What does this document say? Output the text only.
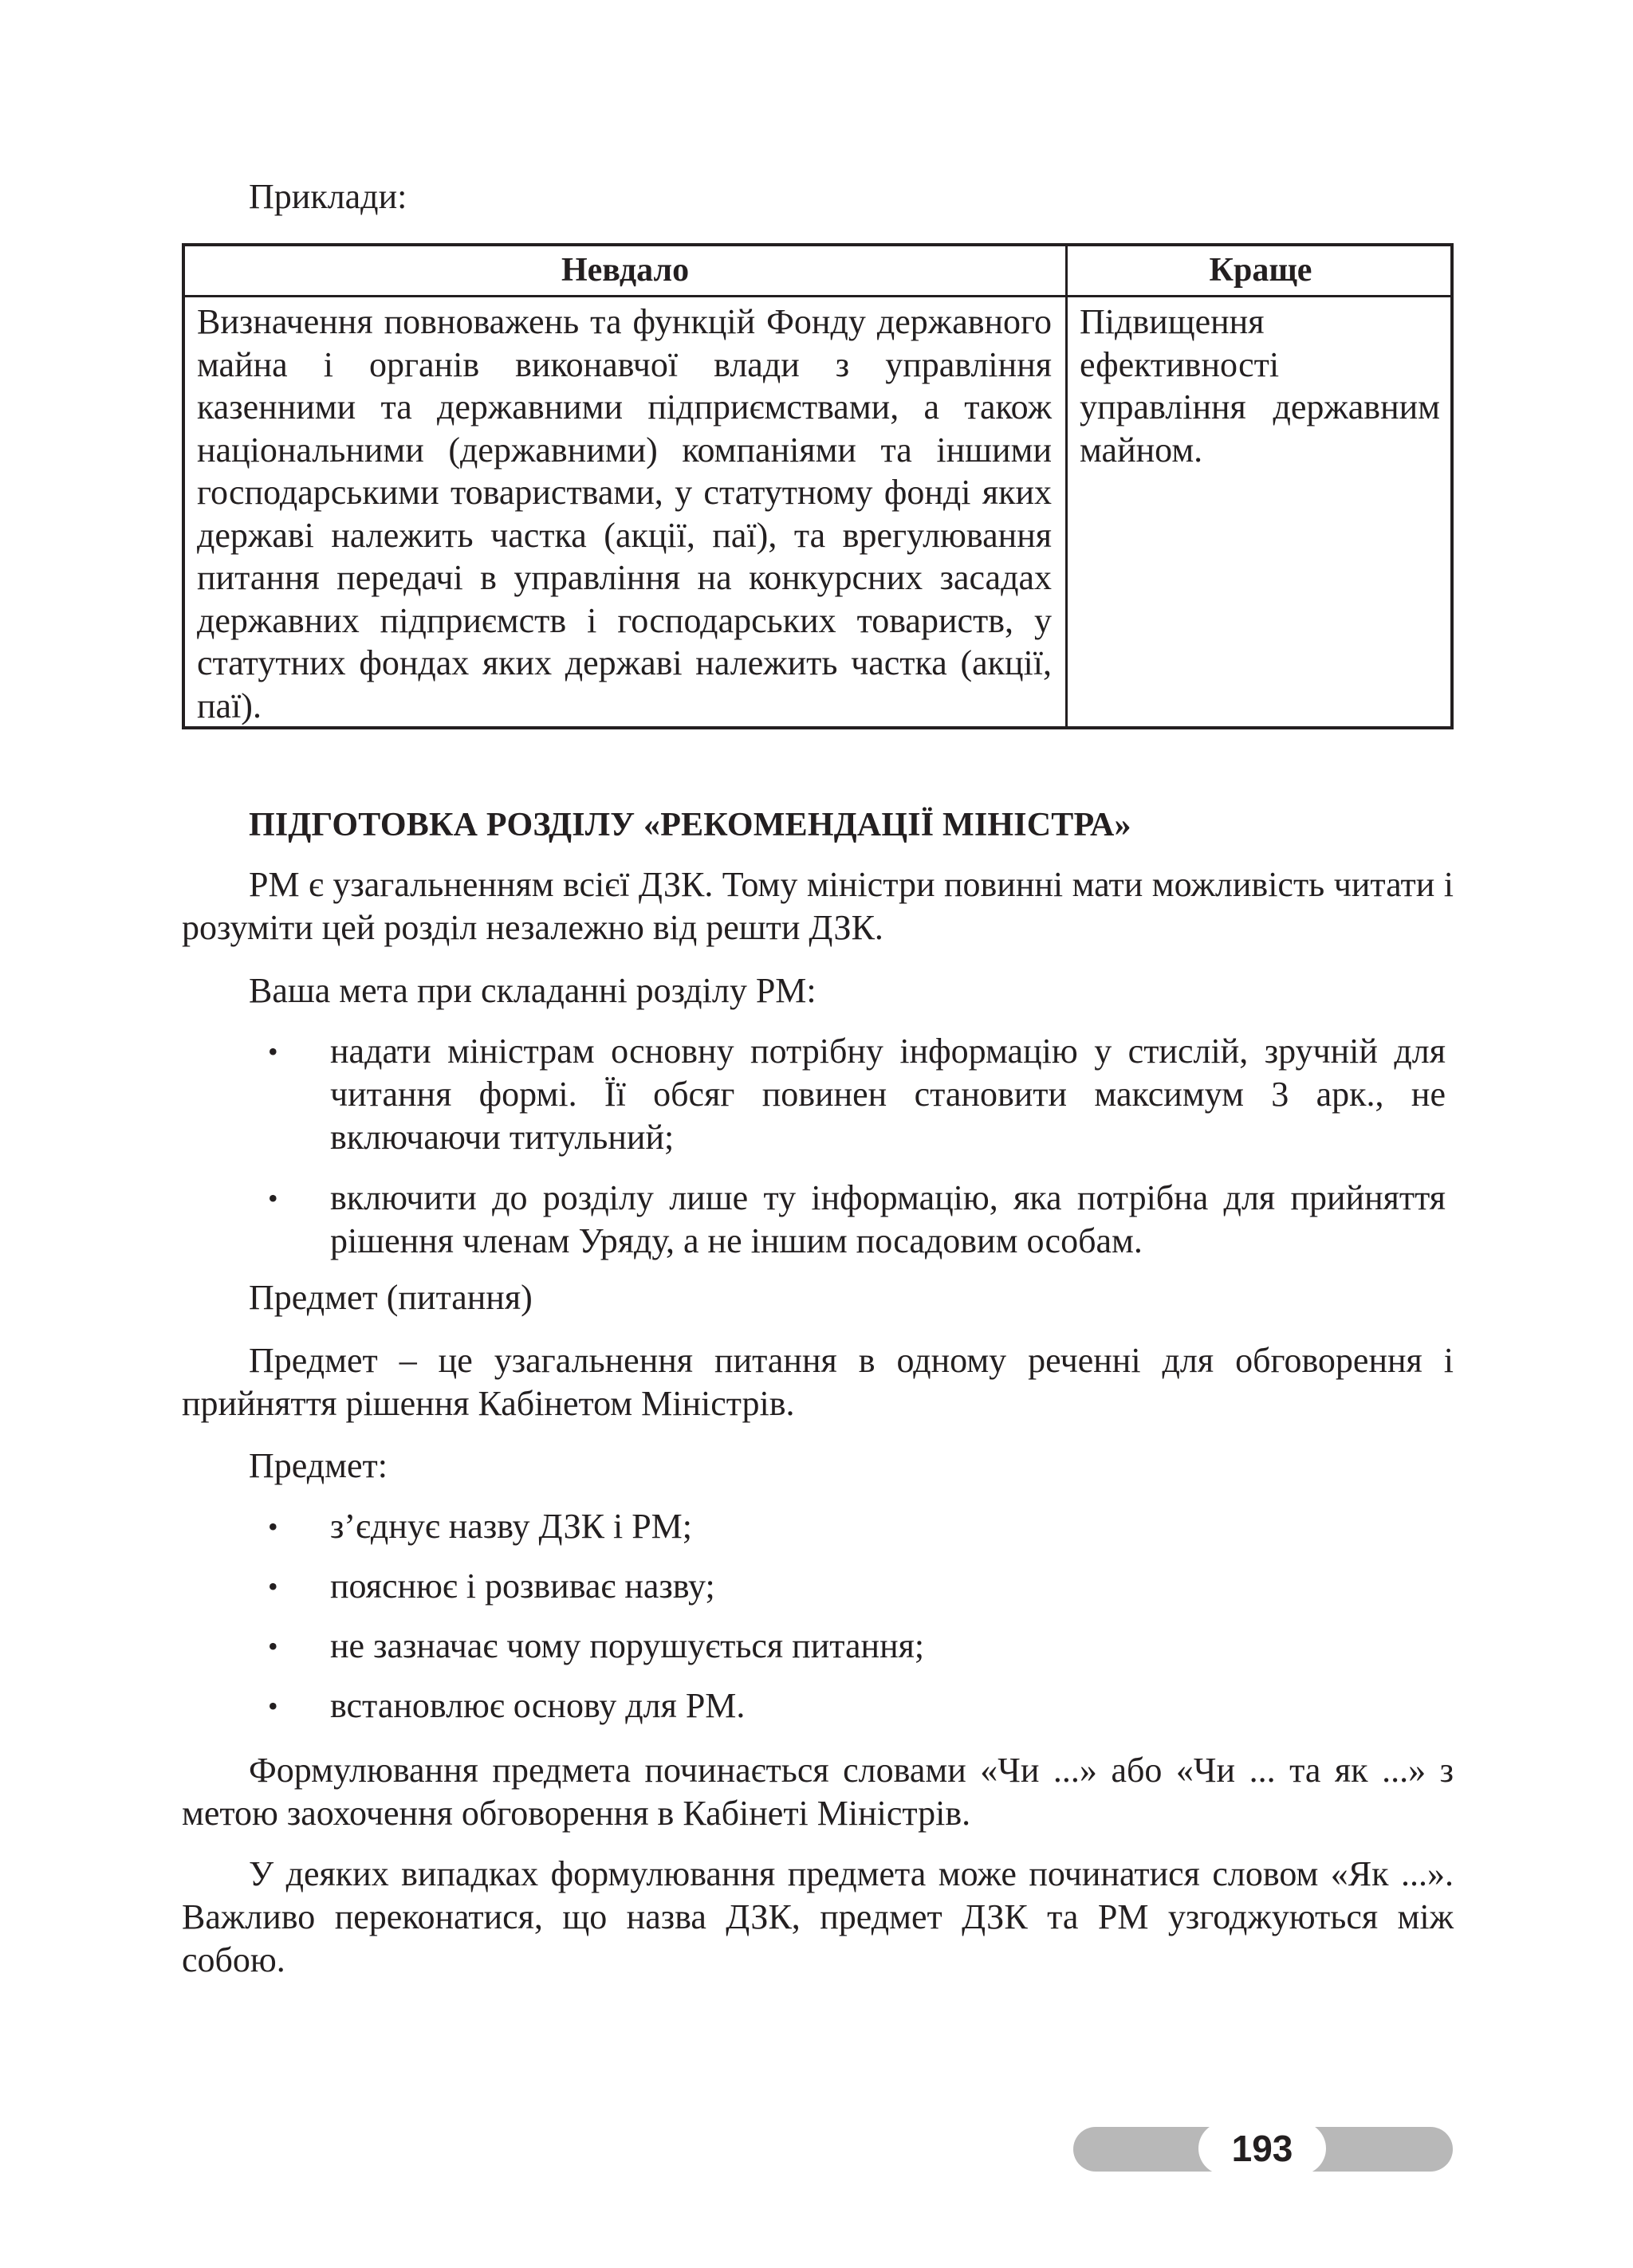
Приклади:
Невдало	Краще
Визначення повноважень та функцій Фонду державного майна і органів виконавчої влади з управління казенними та державними підприємствами, а також національними (державними) компаніями та іншими господарськими товариствами, у статутному фонді яких державі належить частка (акції, паї), та врегулювання питання передачі в управління на конкурсних засадах державних підприємств і господарських товариств, у статутних фондах яких державі належить частка (акції, паї).
Підвищення ефективності управління державним майном.
ПІДГОТОВКА РОЗДІЛУ «РЕКОМЕНДАЦІЇ МІНІСТРА»
РМ є узагальненням всієї ДЗК. Тому міністри повинні мати можливість читати і розуміти цей розділ незалежно від решти ДЗК.
Ваша мета при складанні розділу РМ:
• надати міністрам основну потрібну інформацію у стислій, зручній для читання формі. Її обсяг повинен становити максимум 3 арк., не включаючи титульний;
• включити до розділу лише ту інформацію, яка потрібна для прийняття рішення членам Уряду, а не іншим посадовим особам.
Предмет (питання)
Предмет – це узагальнення питання в одному реченні для обговорення і прийняття рішення Кабінетом Міністрів.
Предмет:
• з’єднує назву ДЗК і РМ;
• пояснює і розвиває назву;
• не зазначає чому порушується питання;
• встановлює основу для РМ.
Формулювання предмета починається словами «Чи ...» або «Чи ... та як ...» з метою заохочення обговорення в Кабінеті Міністрів.
У деяких випадках формулювання предмета може починатися словом «Як ...». Важливо переконатися, що назва ДЗК, предмет ДЗК та РМ узгоджуються між собою.
193
